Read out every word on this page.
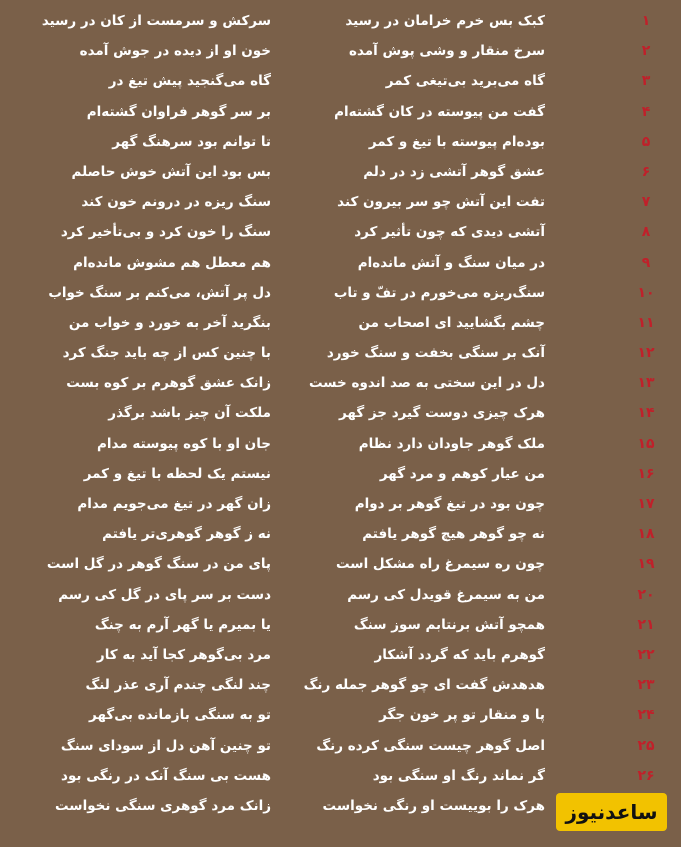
۱
کبک بس خرم خرامان در رسید
سرکش و سرمست از کان در رسید
۲
سرخ منقار و وشی پوش آمده
خون او از دیده در جوش آمده
۳
گاه می‌برید بی‌تیغی کمر
گاه می‌گنجید پیش تیغ در
۴
گفت من پیوسته در کان گشته‌ام
بر سر گوهر فراوان گشته‌ام
۵
بوده‌ام پیوسته با تیغ و کمر
تا توانم بود سرهنگ گهر
۶
عشق گوهر آتشی زد در دلم
بس بود این آتش خوش حاصلم
۷
تفت این آتش چو سر بیرون کند
سنگ ریزه در درونم خون کند
۸
آتشی دیدی که چون تأثیر کرد
سنگ را خون کرد و بی‌تأخیر کرد
۹
در میان سنگ و آتش مانده‌ام
هم معطل هم مشوش مانده‌ام
۱۰
سنگ‌ریزه می‌خورم در تفّ و تاب
دل پر آتش، می‌کنم بر سنگ خواب
۱۱
چشم بگشایید ای اصحاب من
بنگرید آخر به خورد و خواب من
۱۲
آنک بر سنگی بخفت و سنگ خورد
با چنین کس از چه باید جنگ کرد
۱۳
دل در این سختی به صد اندوه خست
زانک عشق گوهرم بر کوه بست
۱۴
هرک چیزی دوست گیرد جز گهر
ملکت آن چیز باشد برگذر
۱۵
ملک گوهر جاودان دارد نظام
جان او با کوه پیوسته مدام
۱۶
من عیار کوهم و مرد گهر
نیستم یک لحظه با تیغ و کمر
۱۷
چون بود در تیغ گوهر بر دوام
زان گهر در تیغ می‌جویم مدام
۱۸
نه چو گوهر هیچ گوهر یافتم
نه ز گوهر گوهری‌تر یافتم
۱۹
چون ره سیمرغ راه مشکل است
پای من در سنگ گوهر در گل است
۲۰
من به سیمرغ قویدل کی رسم
دست بر سر پای در گل کی رسم
۲۱
همچو آتش برنتابم سوز سنگ
یا بمیرم یا گهر آرم به چنگ
۲۲
گوهرم باید که گردد آشکار
مرد بی‌گوهر کجا آید به کار
۲۳
هدهدش گفت ای چو گوهر جمله رنگ
چند لنگی چندم آری عذر لنگ
۲۴
پا و منقار تو پر خون جگر
تو به سنگی بازمانده بی‌گهر
۲۵
اصل گوهر چیست سنگی کرده رنگ
تو چنین آهن دل از سودای سنگ
۲۶
گر نماند رنگ او سنگی بود
هست بی سنگ آنک در رنگی بود
هرک را بوییست او رنگی نخواست
زانک مرد گوهری سنگی نخواست	ساعدنیوز
